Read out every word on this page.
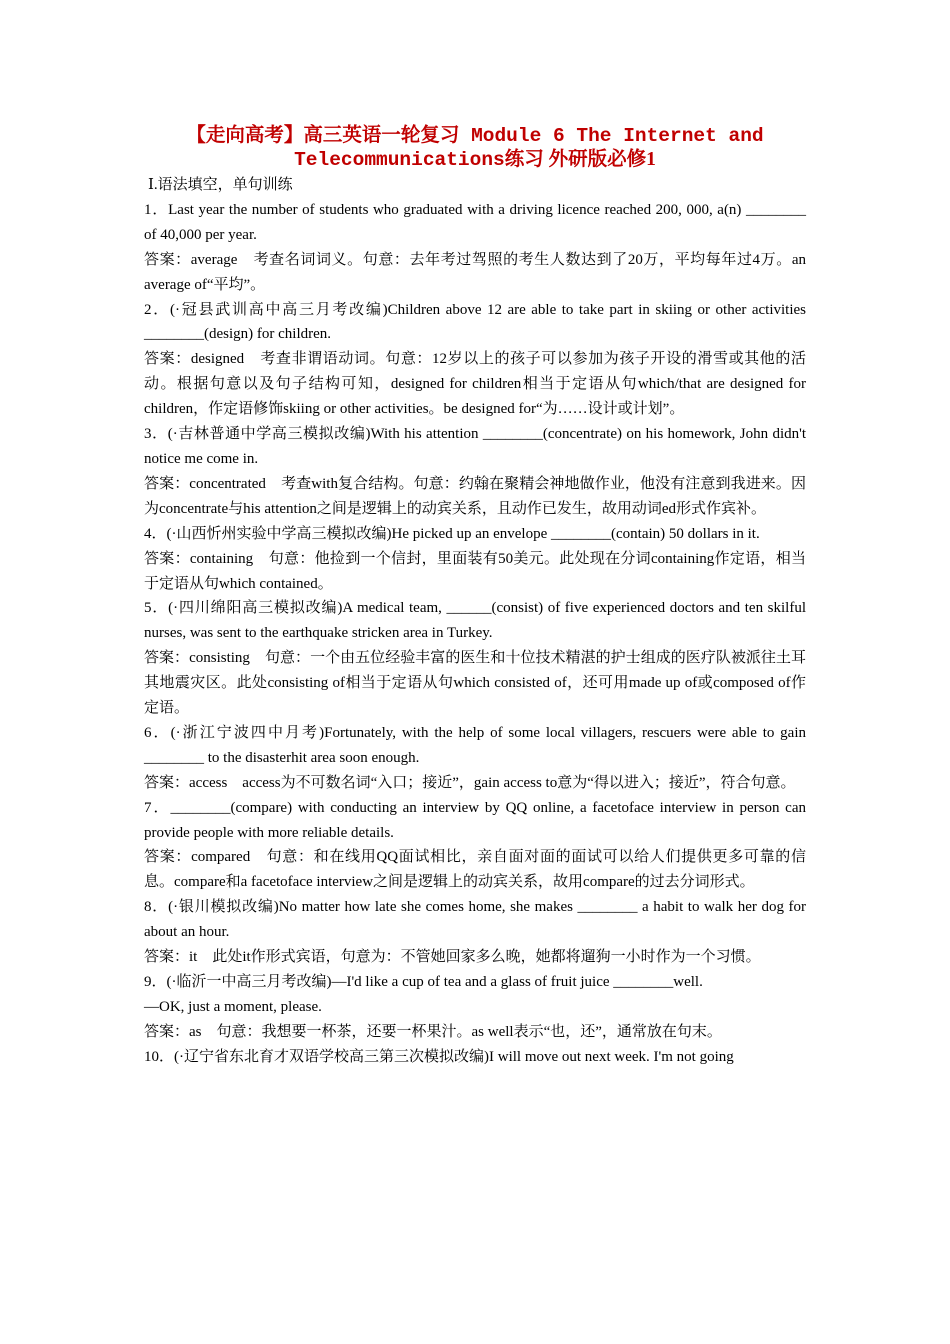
【走向高考】高三英语一轮复习 Module 6 The Internet and Telecommunications练习 外研版必修1
Ⅰ.语法填空，单句训练

1．Last year the number of students who graduated with a driving licence reached 200, 000, a(n) ________ of 40,000 per year.

答案：average　考查名词词义。句意：去年考过驾照的考生人数达到了20万，平均每年过4万。an average of“平均”。

2．(·冠县武训高中高三月考改编)Children above 12 are able to take part in skiing or other activities ________(design) for children.

答案：designed　考查非谓语动词。句意：12岁以上的孩子可以参加为孩子开设的滑雪或其他的活动。根据句意以及句子结构可知，designed for children相当于定语从句which/that are designed for children，作定语修饰skiing or other activities。be designed for“为……设计或计划”。

3．(·吉林普通中学高三模拟改编)With his attention ________(concentrate) on his homework, John didn't notice me come in.

答案：concentrated　考查with复合结构。句意：约翰在聚精会神地做作业，他没有注意到我进来。因为concentrate与his attention之间是逻辑上的动宾关系，且动作已发生，故用动词ed形式作宾补。

4．(·山西忻州实验中学高三模拟改编)He picked up an envelope ________(contain) 50 dollars in it.

答案：containing　句意：他捡到一个信封，里面装有50美元。此处现在分词containing作定语，相当于定语从句which contained。

5．(·四川绵阳高三模拟改编)A medical team, ______(consist) of five experienced doctors and ten skilful nurses, was sent to the earthquake stricken area in Turkey.

答案：consisting　句意：一个由五位经验丰富的医生和十位技术精湛的护士组成的医疗队被派往土耳其地震灾区。此处consisting of相当于定语从句which consisted of，还可用made up of或composed of作定语。

6．(·浙江宁波四中月考)Fortunately, with the help of some local villagers, rescuers were able to gain ________ to the disasterhit area soon enough.

答案：access　access为不可数名词“入口；接近”，gain access to意为“得以进入；接近”，符合句意。

7．________(compare) with conducting an interview by QQ online, a facetoface interview in person can provide people with more reliable details.

答案：compared　句意：和在线用QQ面试相比，亲自面对面的面试可以给人们提供更多可靠的信息。compare和a facetoface interview之间是逻辑上的动宾关系，故用compare的过去分词形式。

8．(·银川模拟改编)No matter how late she comes home, she makes ________ a habit to walk her dog for about an hour.

答案：it　此处it作形式宾语，句意为：不管她回家多么晚，她都将遛狗一小时作为一个习惯。

9．(·临沂一中高三月考改编)—I'd like a cup of tea and a glass of fruit juice ________well.

—OK, just a moment, please.

答案：as　句意：我想要一杯茶，还要一杯果汁。as well表示“也，还”，通常放在句末。

10．(·辽宁省东北育才双语学校高三第三次模拟改编)I will move out next week. I'm not going
